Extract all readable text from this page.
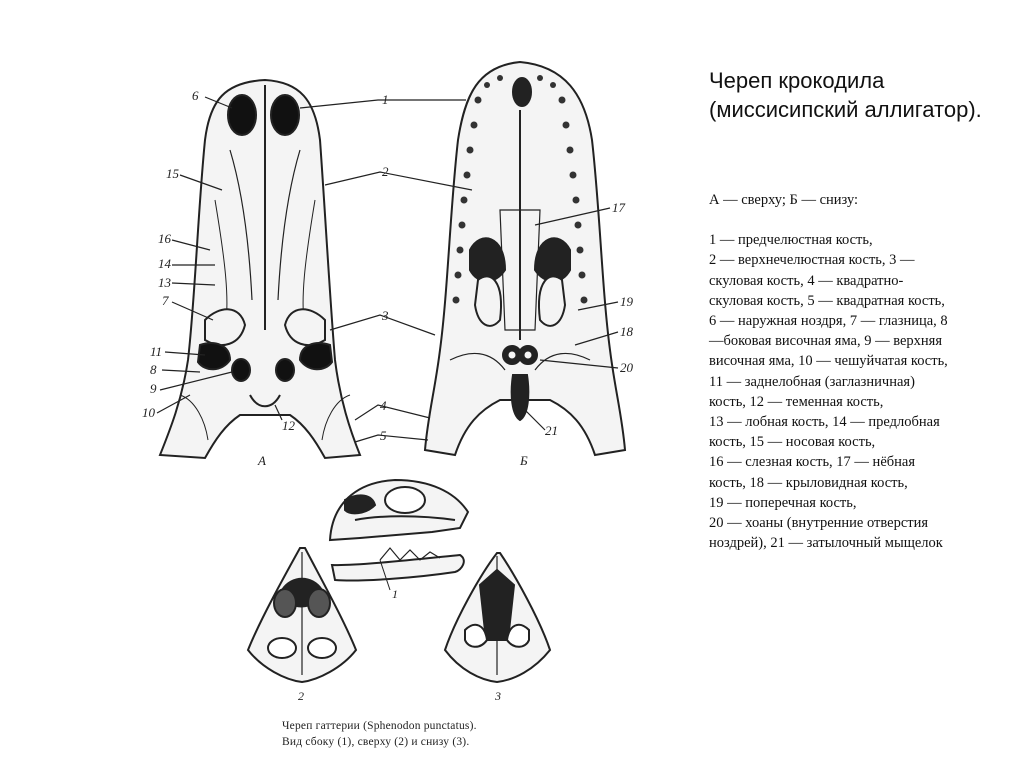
6
15
16
14
13
7
11
8
9
10
12
А
17
19
18
20
21
Б
1
2
3
4
5
1
2	3
Череп крокодила (миссисипский аллигатор).

А — сверху; Б — снизу:

1 — предчелюстная кость,

2 — верхнечелюстная кость, 3 —

скуловая кость, 4 — квадратно-

скуловая кость, 5 — квадратная кость,

6 — наружная ноздря, 7 — глазница, 8

—боковая височная яма, 9 — верхняя

височная яма, 10 — чешуйчатая кость,

11 — заднелобная (заглазничная)

кость, 12 — теменная кость,

13 — лобная кость, 14 — предлобная

кость, 15 — носовая кость,

16 — слезная кость, 17 — нёбная

кость, 18 — крыловидная кость,

19 — поперечная кость,

20 — хоаны (внутренние отверстия

ноздрей), 21 — затылочный мыщелок

Череп гаттерии (Sphenodon punctatus).
Вид сбоку (1), сверху (2) и снизу (3).
